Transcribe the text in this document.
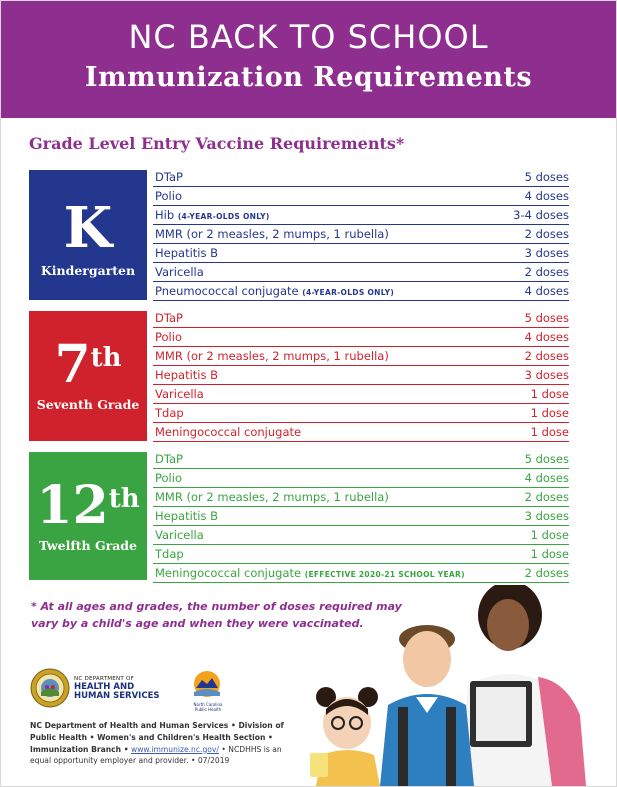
NC BACK TO SCHOOL
Immunization Requirements
Grade Level Entry Vaccine Requirements*
K
Kindergarten
DTaP	5 doses
Polio	4 doses
Hib (4-YEAR-OLDS ONLY)	3-4 doses
MMR (or 2 measles, 2 mumps, 1 rubella)	2 doses
Hepatitis B	3 doses
Varicella	2 doses
Pneumococcal conjugate (4-YEAR-OLDS ONLY)	4 doses
7th
Seventh Grade
DTaP	5 doses
Polio	4 doses
MMR (or 2 measles, 2 mumps, 1 rubella)	2 doses
Hepatitis B	3 doses
Varicella	1 dose
Tdap	1 dose
Meningococcal conjugate	1 dose
12th
Twelfth Grade
DTaP	5 doses
Polio	4 doses
MMR (or 2 measles, 2 mumps, 1 rubella)	2 doses
Hepatitis B	3 doses
Varicella	1 dose
Tdap	1 dose
Meningococcal conjugate (EFFECTIVE 2020-21 SCHOOL YEAR)	2 doses
* At all ages and grades, the number of doses required may vary by a child's age and when they were vaccinated.
NC DEPARTMENT OF
HEALTH AND
HUMAN SERVICES
North Carolina
Public Health
NC Department of Health and Human Services • Division of Public Health • Women's and Children's Health Section • Immunization Branch • www.immunize.nc.gov/ • NCDHHS is an equal opportunity employer and provider. • 07/2019
